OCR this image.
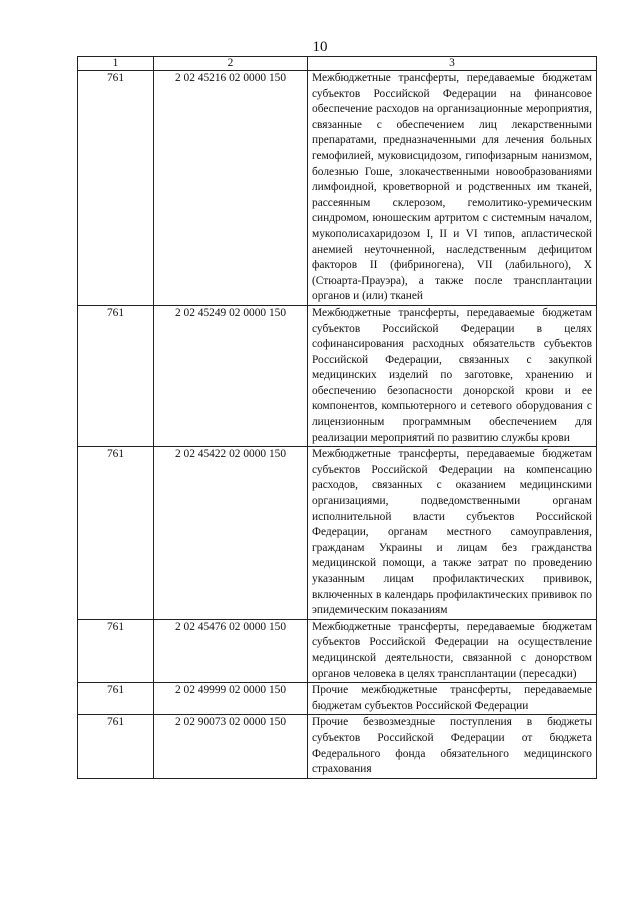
10
1	2	3
761	2 02 45216 02 0000 150	Межбюджетные трансферты, передаваемые бюджетам субъектов Российской Федерации на финансовое обеспечение расходов на организационные мероприятия, связанные с обеспечением лиц лекарственными препаратами, предназначенными для лечения больных гемофилией, муковисцидозом, гипофизарным нанизмом, болезнью Гоше, злокачественными новообразованиями лимфоидной, кроветворной и родственных им тканей, рассеянным склерозом, гемолитико-уремическим синдромом, юношеским артритом с системным началом, мукополисахаридозом I, II и VI типов, апластической анемией неуточненной, наследственным дефицитом факторов II (фибриногена), VII (лабильного), X (Стюарта-Прауэра), а также после трансплантации органов и (или) тканей
761	2 02 45249 02 0000 150	Межбюджетные трансферты, передаваемые бюджетам субъектов Российской Федерации в целях софинансирования расходных обязательств субъектов Российской Федерации, связанных с закупкой медицинских изделий по заготовке, хранению и обеспечению безопасности донорской крови и ее компонентов, компьютерного и сетевого оборудования с лицензионным программным обеспечением для реализации мероприятий по развитию службы крови
761	2 02 45422 02 0000 150	Межбюджетные трансферты, передаваемые бюджетам субъектов Российской Федерации на компенсацию расходов, связанных с оказанием медицинскими организациями, подведомственными органам исполнительной власти субъектов Российской Федерации, органам местного самоуправления, гражданам Украины и лицам без гражданства медицинской помощи, а также затрат по проведению указанным лицам профилактических прививок, включенных в календарь профилактических прививок по эпидемическим показаниям
761	2 02 45476 02 0000 150	Межбюджетные трансферты, передаваемые бюджетам субъектов Российской Федерации на осуществление медицинской деятельности, связанной с донорством органов человека в целях трансплантации (пересадки)
761	2 02 49999 02 0000 150	Прочие межбюджетные трансферты, передаваемые бюджетам субъектов Российской Федерации
761	2 02 90073 02 0000 150	Прочие безвозмездные поступления в бюджеты субъектов Российской Федерации от бюджета Федерального фонда обязательного медицинского страхования
